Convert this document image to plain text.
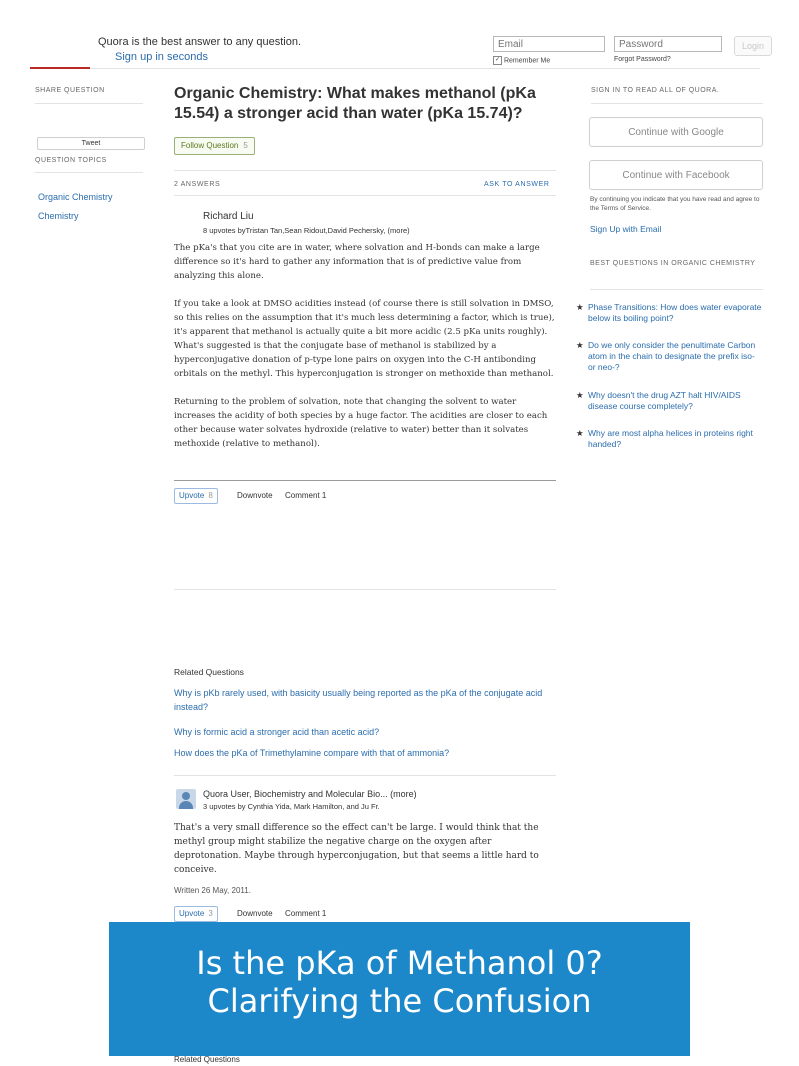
Quora is the best answer to any question.
Sign up in seconds
Email	✓ Remember Me	Forgot Password?
Login
SHARE QUESTION
Tweet
QUESTION TOPICS
Organic Chemistry
Chemistry
Organic Chemistry: What makes methanol (pKa 15.54) a stronger acid than water (pKa 15.74)?
Follow Question 5
2 ANSWERS	ASK TO ANSWER
Richard Liu
8 upvotes byTristan Tan,Sean Ridout,David Pechersky, (more)

The pKa's that you cite are in water, where solvation and H-bonds can make a large difference so it's hard to gather any information that is of predictive value from analyzing this alone.

If you take a look at DMSO acidities instead (of course there is still solvation in DMSO, so this relies on the assumption that it's much less determining a factor, which is true), it's apparent that methanol is actually quite a bit more acidic (2.5 pKa units roughly). What's suggested is that the conjugate base of methanol is stabilized by a hyperconjugative donation of p-type lone pairs on oxygen into the C-H antibonding orbitals on the methyl. This hyperconjugation is stronger on methoxide than methanol.

Returning to the problem of solvation, note that changing the solvent to water increases the acidity of both species by a huge factor. The acidities are closer to each other because water solvates hydroxide (relative to water) better than it solvates methoxide (relative to methanol).

Upvote 8	Downvote Comment 1
Related Questions
Why is pKb rarely used, with basicity usually being reported as the pKa of the conjugate acid instead?
Why is formic acid a stronger acid than acetic acid?
How does the pKa of Trimethylamine compare with that of ammonia?
Quora User, Biochemistry and Molecular Bio... (more)
3 upvotes by Cynthia Yida, Mark Hamilton, and Ju Fr.
That's a very small difference so the effect can't be large. I would think that the methyl group might stabilize the negative charge on the oxygen after deprotonation. Maybe through hyperconjugation, but that seems a little hard to conceive.
Written 26 May, 2011.
Upvote 3	Downvote Comment 1
SIGN IN TO READ ALL OF QUORA.
Continue with Google
Continue with Facebook
By continuing you indicate that you have read and agree to the Terms of Service.
Sign Up with Email
BEST QUESTIONS IN ORGANIC CHEMISTRY
★ Phase Transitions: How does water evaporate below its boiling point?
★ Do we only consider the penultimate Carbon atom in the chain to designate the prefix iso- or neo-?
★ Why doesn't the drug AZT halt HIV/AIDS disease course completely?
★ Why are most alpha helices in proteins right handed?
Is the pKa of Methanol 0? Clarifying the Confusion
Related Questions
